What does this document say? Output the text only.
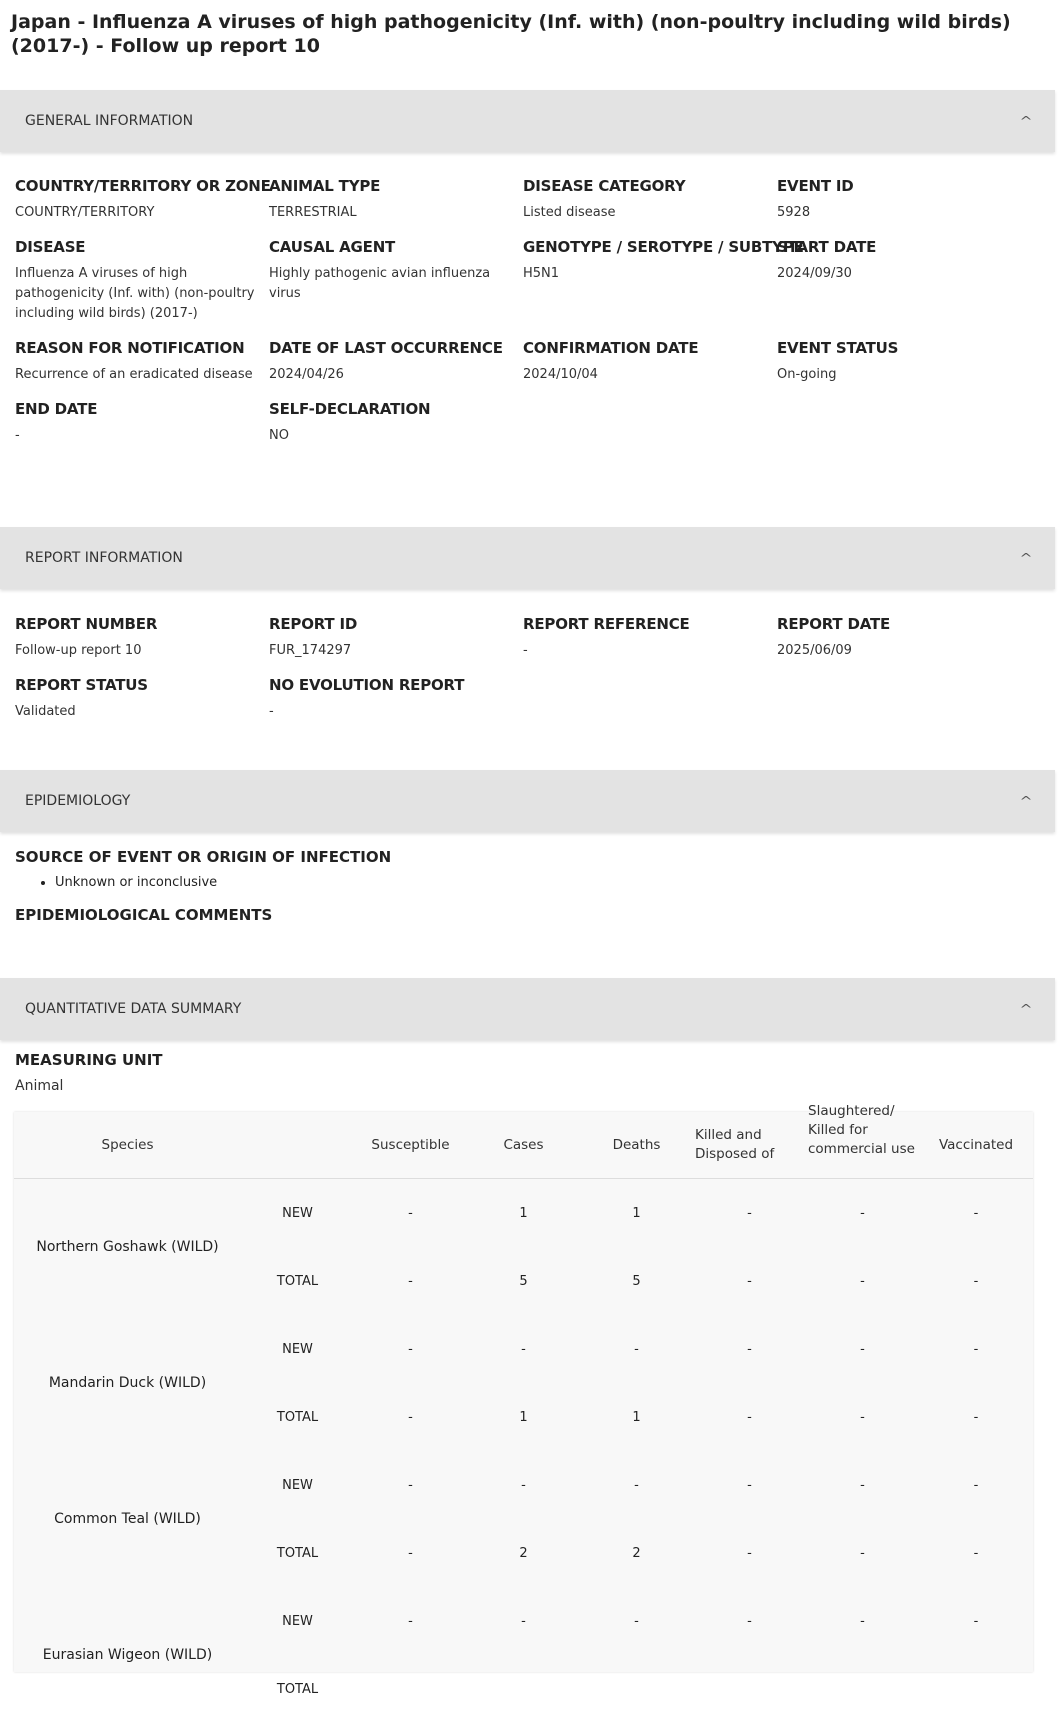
Japan - Influenza A viruses of high pathogenicity (Inf. with) (non-poultry including wild birds) (2017-) - Follow up report 10
GENERAL INFORMATION	^
COUNTRY/TERRITORY OR ZONE
COUNTRY/TERRITORY
ANIMAL TYPE
TERRESTRIAL
DISEASE CATEGORY
Listed disease
EVENT ID
5928
DISEASE
Influenza A viruses of high pathogenicity (Inf. with) (non-poultry including wild birds) (2017-)
CAUSAL AGENT
Highly pathogenic avian influenza virus
GENOTYPE / SEROTYPE / SUBTYPE
H5N1
START DATE
2024/09/30
REASON FOR NOTIFICATION
Recurrence of an eradicated disease
DATE OF LAST OCCURRENCE
2024/04/26
CONFIRMATION DATE
2024/10/04
EVENT STATUS
On-going
END DATE
-
SELF-DECLARATION
NO
REPORT INFORMATION	^
REPORT NUMBER
Follow-up report 10
REPORT ID
FUR_174297
REPORT REFERENCE
-
REPORT DATE
2025/06/09
REPORT STATUS
Validated
NO EVOLUTION REPORT
-
EPIDEMIOLOGY	^
SOURCE OF EVENT OR ORIGIN OF INFECTION
• Unknown or inconclusive
EPIDEMIOLOGICAL COMMENTS
QUANTITATIVE DATA SUMMARY	^
MEASURING UNIT
Animal
Species		Susceptible	Cases	Deaths	Killed and Disposed of	Slaughtered/ Killed for commercial use	Vaccinated

Northern Goshawk (WILD)	NEW	-	1	1	-	-	-
	TOTAL	-	5	5	-	-	-
Mandarin Duck (WILD)	NEW	-	-	-	-	-	-
	TOTAL	-	1	1	-	-	-
Common Teal (WILD)	NEW	-	-	-	-	-	-
	TOTAL	-	2	2	-	-	-
Eurasian Wigeon (WILD)	NEW	-	-	-	-	-	-
	TOTAL						
